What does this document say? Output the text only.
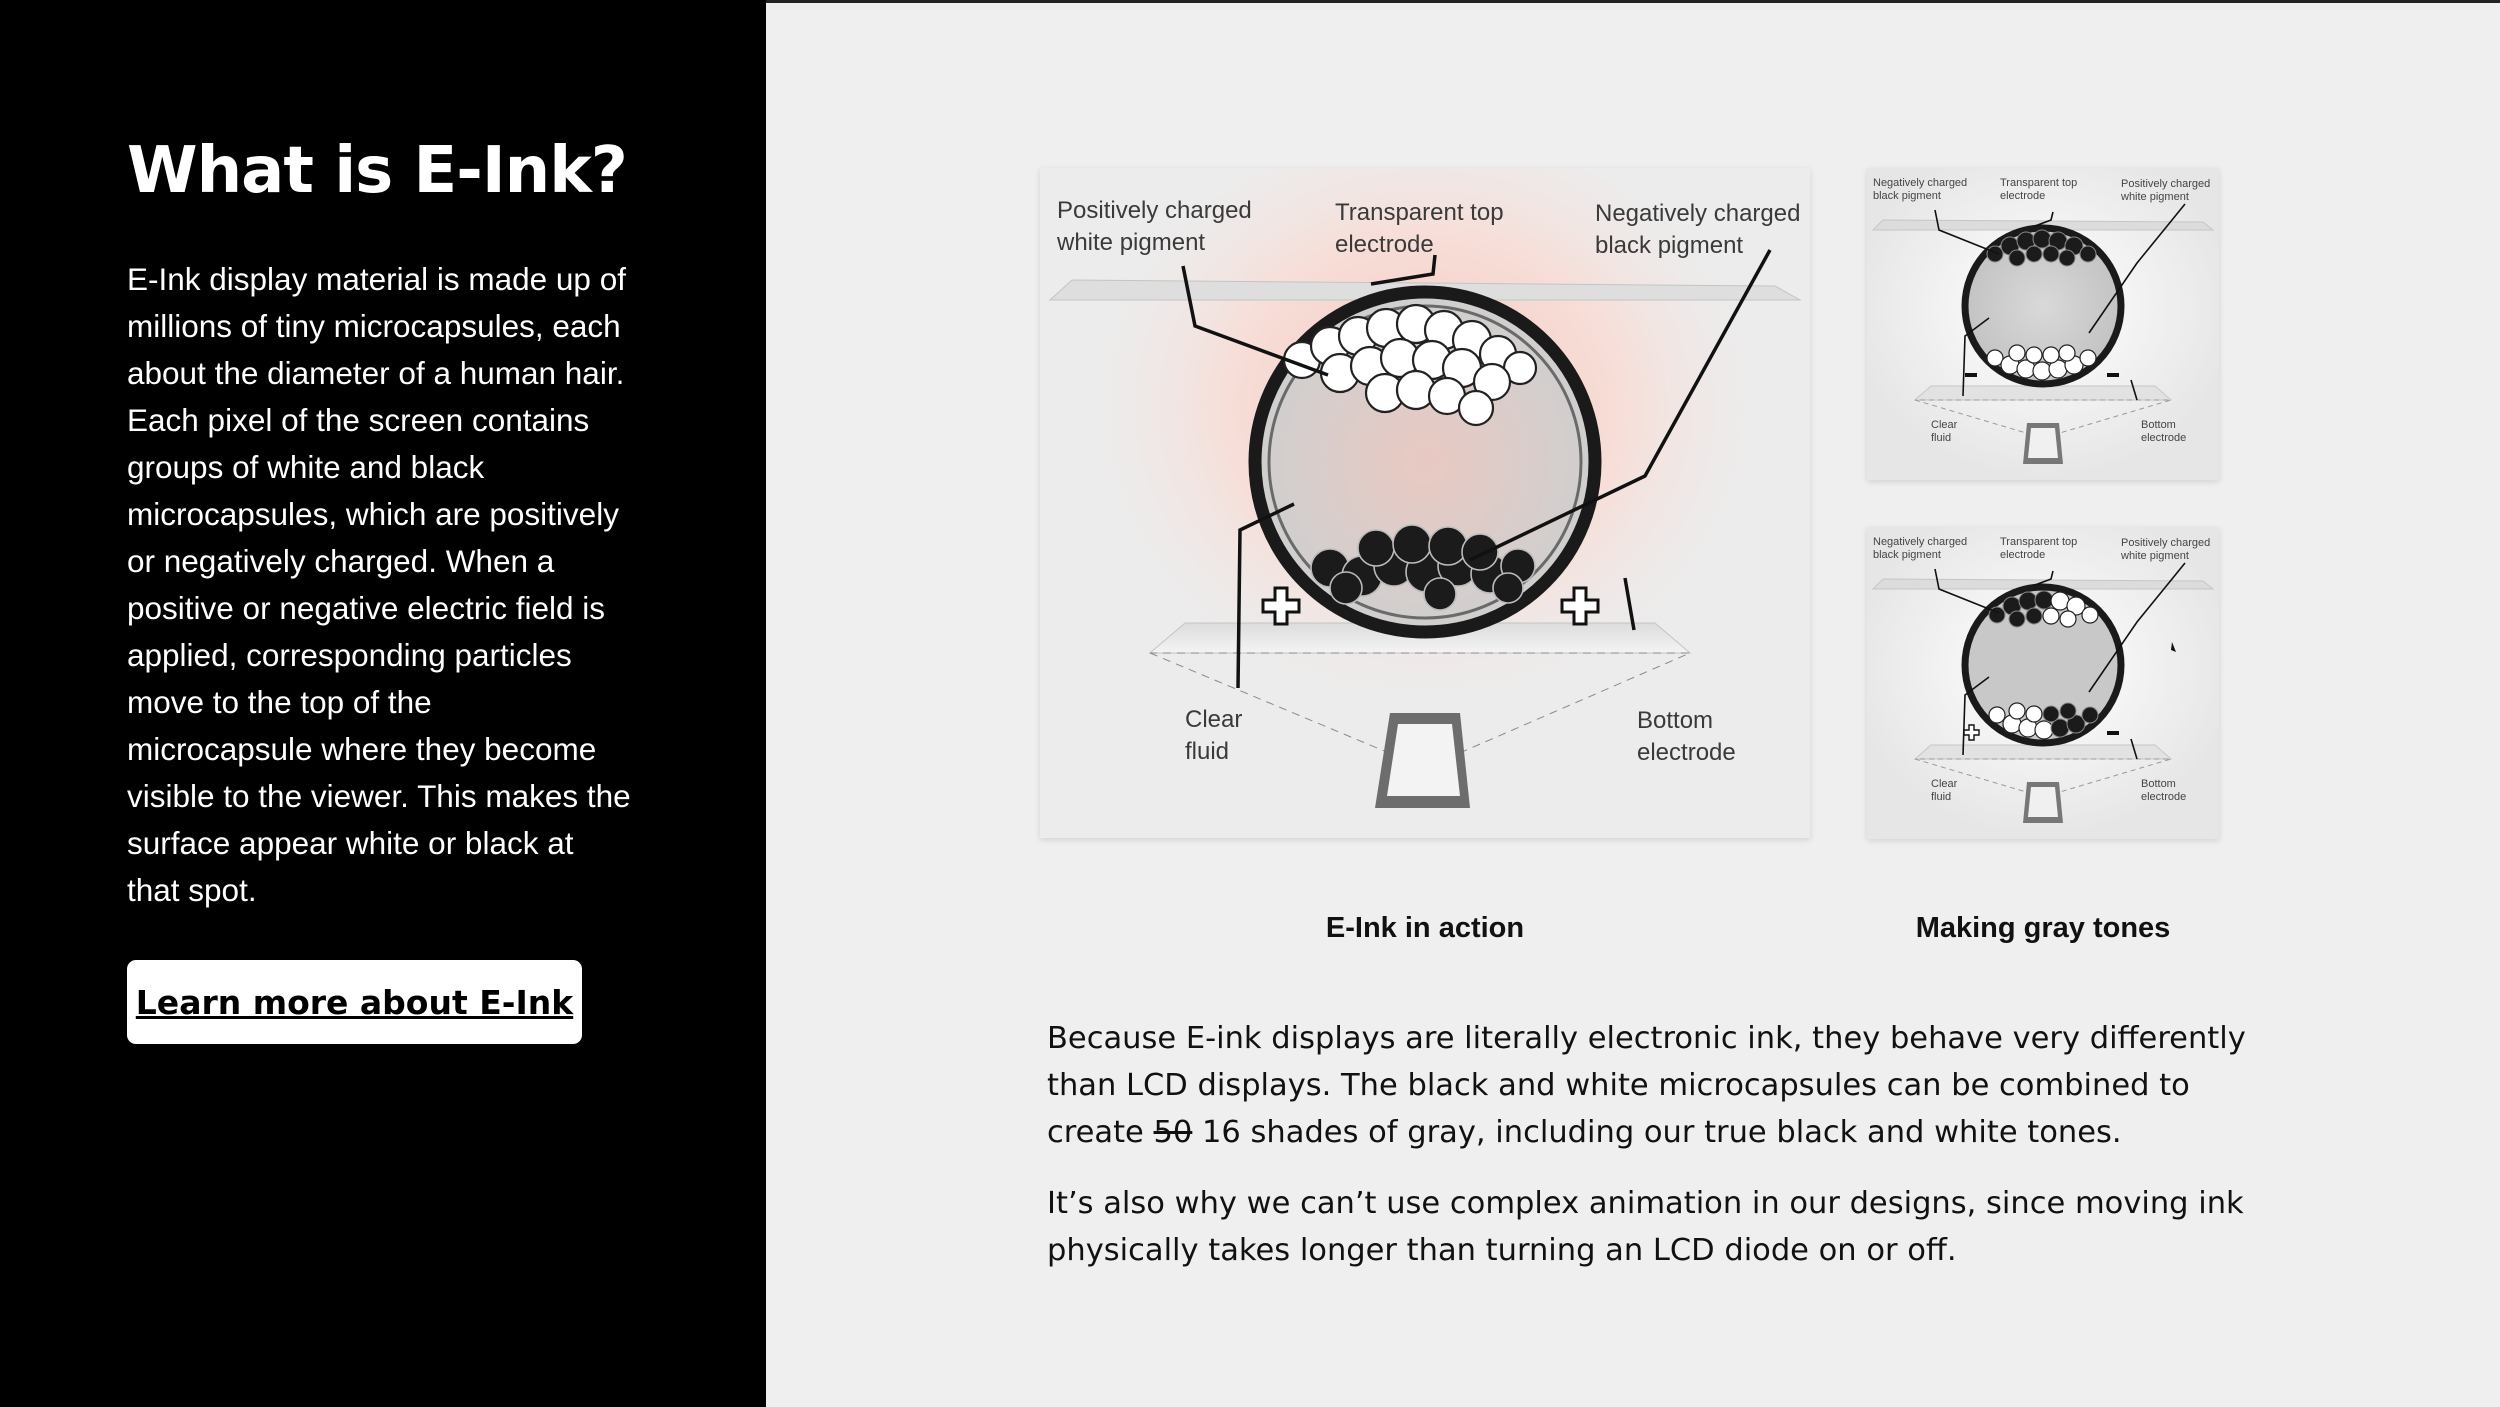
What is E-Ink?

E-Ink display material is made up of
millions of tiny microcapsules, each
about the diameter of a human hair.
Each pixel of the screen contains
groups of white and black
microcapsules, which are positively
or negatively charged. When a
positive or negative electric field is
applied, corresponding particles
move to the top of the
microcapsule where they become
visible to the viewer. This makes the
surface appear white or black at
that spot.

Learn more about E-Ink
Positively charged
white pigment
Transparent top
electrode
Negatively charged
black pigment
Clear
fluid
Bottom
electrode
Negatively charged
black pigment
Transparent top
electrode
Positively charged
white pigment
Clear
fluid
Bottom
electrode
Negatively charged
black pigment
Transparent top
electrode
Positively charged
white pigment
Clear
fluid
Bottom
electrode
E-Ink in action	Making gray tones

Because E-ink displays are literally electronic ink, they behave very differently than LCD displays. The black and white microcapsules can be combined to create 50 16 shades of gray, including our true black and white tones.

It’s also why we can’t use complex animation in our designs, since moving ink physically takes longer than turning an LCD diode on or off.
